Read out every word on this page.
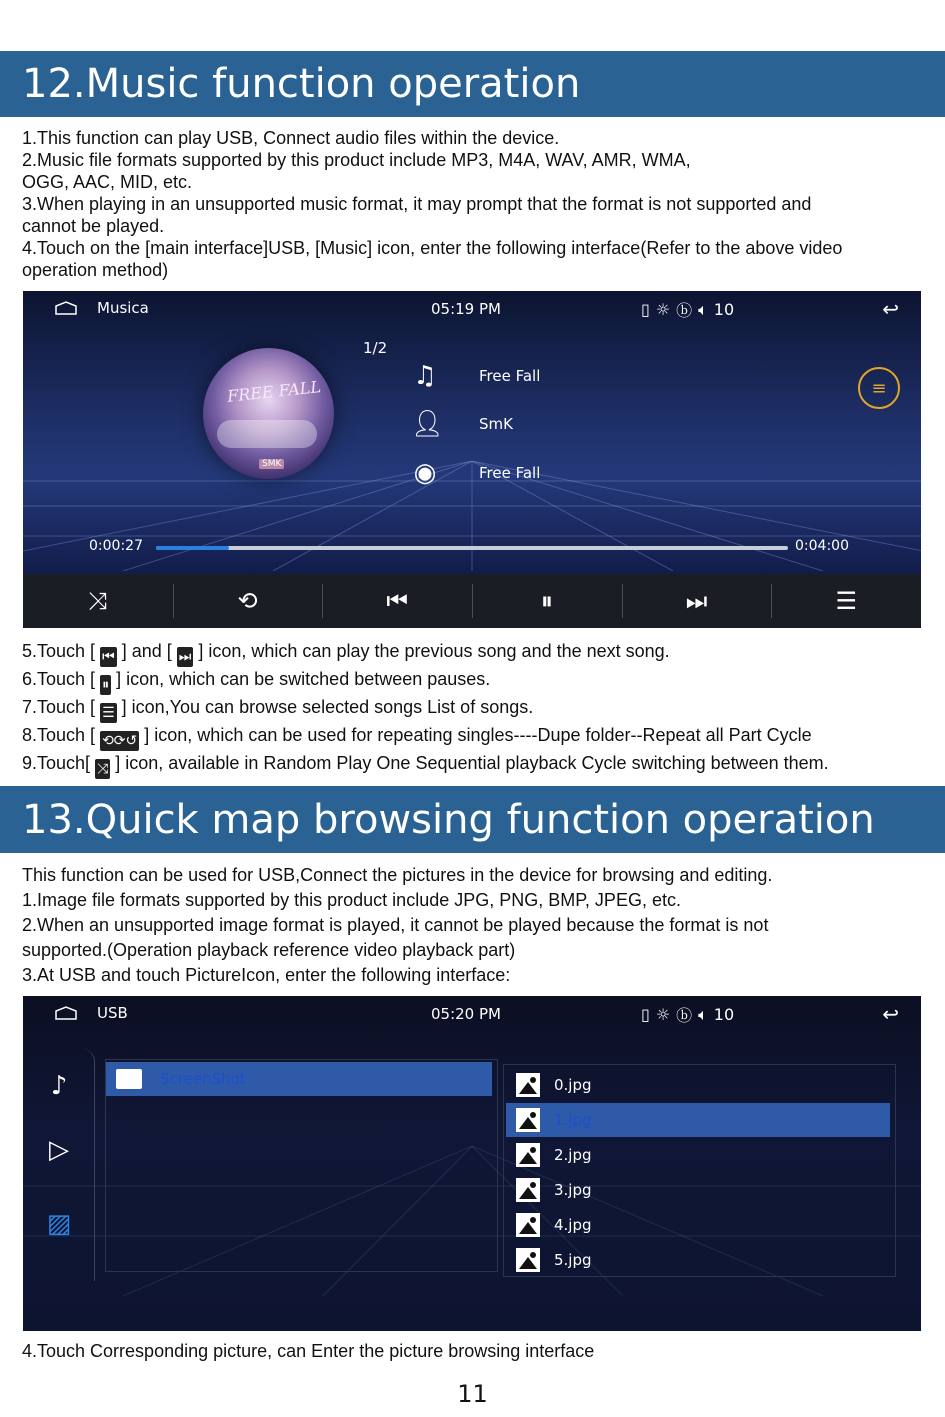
12.Music function operation

1.This function can play USB, Connect audio files within the device.

2.Music file formats supported by this product include MP3, M4A, WAV, AMR, WMA,

OGG, AAC, MID, etc.

3.When playing in an unsupported music format, it may prompt that the format is not supported and

cannot be played.

4.Touch on the [main interface]USB, [Music] icon, enter the following interface(Refer to the above video

operation method)

Musica	05:19 PM	▯ ☼ ⓑ 🔈︎ 10	↩
FREE FALL
SMK
1/2
♫	Free Fall
👤︎ SmK
◉	Free Fall
≡
0:00:27	0:04:00
⤨	⟲	⏮︎	⏸︎	⏭︎	☰

5.Touch [ ⏮︎ ] and [ ⏭︎ ] icon, which can play the previous song and the next song.

6.Touch [ ⏸︎ ] icon, which can be switched between pauses.

7.Touch [ ☰ ] icon,You can browse selected songs List of songs.

8.Touch [ ⟲⟳↺ ] icon, which can be used for repeating singles----Dupe folder--Repeat all Part Cycle

9.Touch[ ⤨ ] icon, available in Random Play One Sequential playback Cycle switching between them.

13.Quick map browsing function operation

This function can be used for USB,Connect the pictures in the device for browsing and editing.

1.Image file formats supported by this product include JPG, PNG, BMP, JPEG, etc.

2.When an unsupported image format is played, it cannot be played because the format is not

supported.(Operation playback reference video playback part)

3.At USB and touch PictureIcon, enter the following interface:

USB	05:20 PM	▯ ☼ ⓑ 🔈︎ 10	↩
♪
▷
▨
ScreenShot	0.jpg
1.jpg
2.jpg
3.jpg
4.jpg
5.jpg

4.Touch Corresponding picture, can Enter the picture browsing interface

11
